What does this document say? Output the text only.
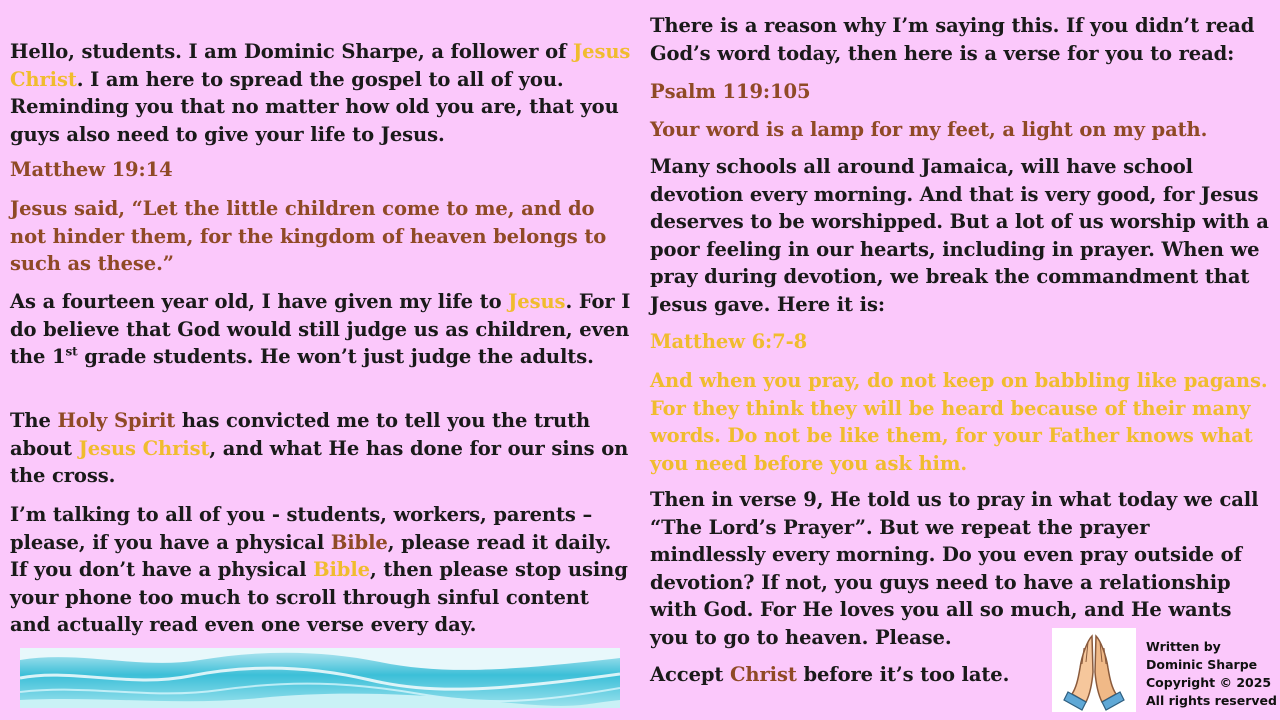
Hello, students. I am Dominic Sharpe, a follower of Jesus Christ. I am here to spread the gospel to all of you. Reminding you that no matter how old you are, that you guys also need to give your life to Jesus.

Matthew 19:14

Jesus said, “Let the little children come to me, and do not hinder them, for the kingdom of heaven belongs to such as these.”

As a fourteen year old, I have given my life to Jesus. For I do believe that God would still judge us as children, even the 1st grade students. He won’t just judge the adults.

The Holy Spirit has convicted me to tell you the truth about Jesus Christ, and what He has done for our sins on the cross.

I’m talking to all of you - students, workers, parents – please, if you have a physical Bible, please read it daily. If you don’t have a physical Bible, then please stop using your phone too much to scroll through sinful content and actually read even one verse every day.

There is a reason why I’m saying this. If you didn’t read God’s word today, then here is a verse for you to read:

Psalm 119:105

Your word is a lamp for my feet, a light on my path.

Many schools all around Jamaica, will have school devotion every morning. And that is very good, for Jesus deserves to be worshipped. But a lot of us worship with a poor feeling in our hearts, including in prayer. When we pray during devotion, we break the commandment that Jesus gave. Here it is:

Matthew 6:7-8

And when you pray, do not keep on babbling like pagans. For they think they will be heard because of their many words. Do not be like them, for your Father knows what you need before you ask him.

Then in verse 9, He told us to pray in what today we call “The Lord’s Prayer”. But we repeat the prayer mindlessly every morning. Do you even pray outside of devotion? If not, you guys need to have a relationship with God. For He loves you all so much, and He wants you to go to heaven. Please.

Accept Christ before it’s too late.

Written by
Dominic Sharpe
Copyright © 2025
All rights reserved
